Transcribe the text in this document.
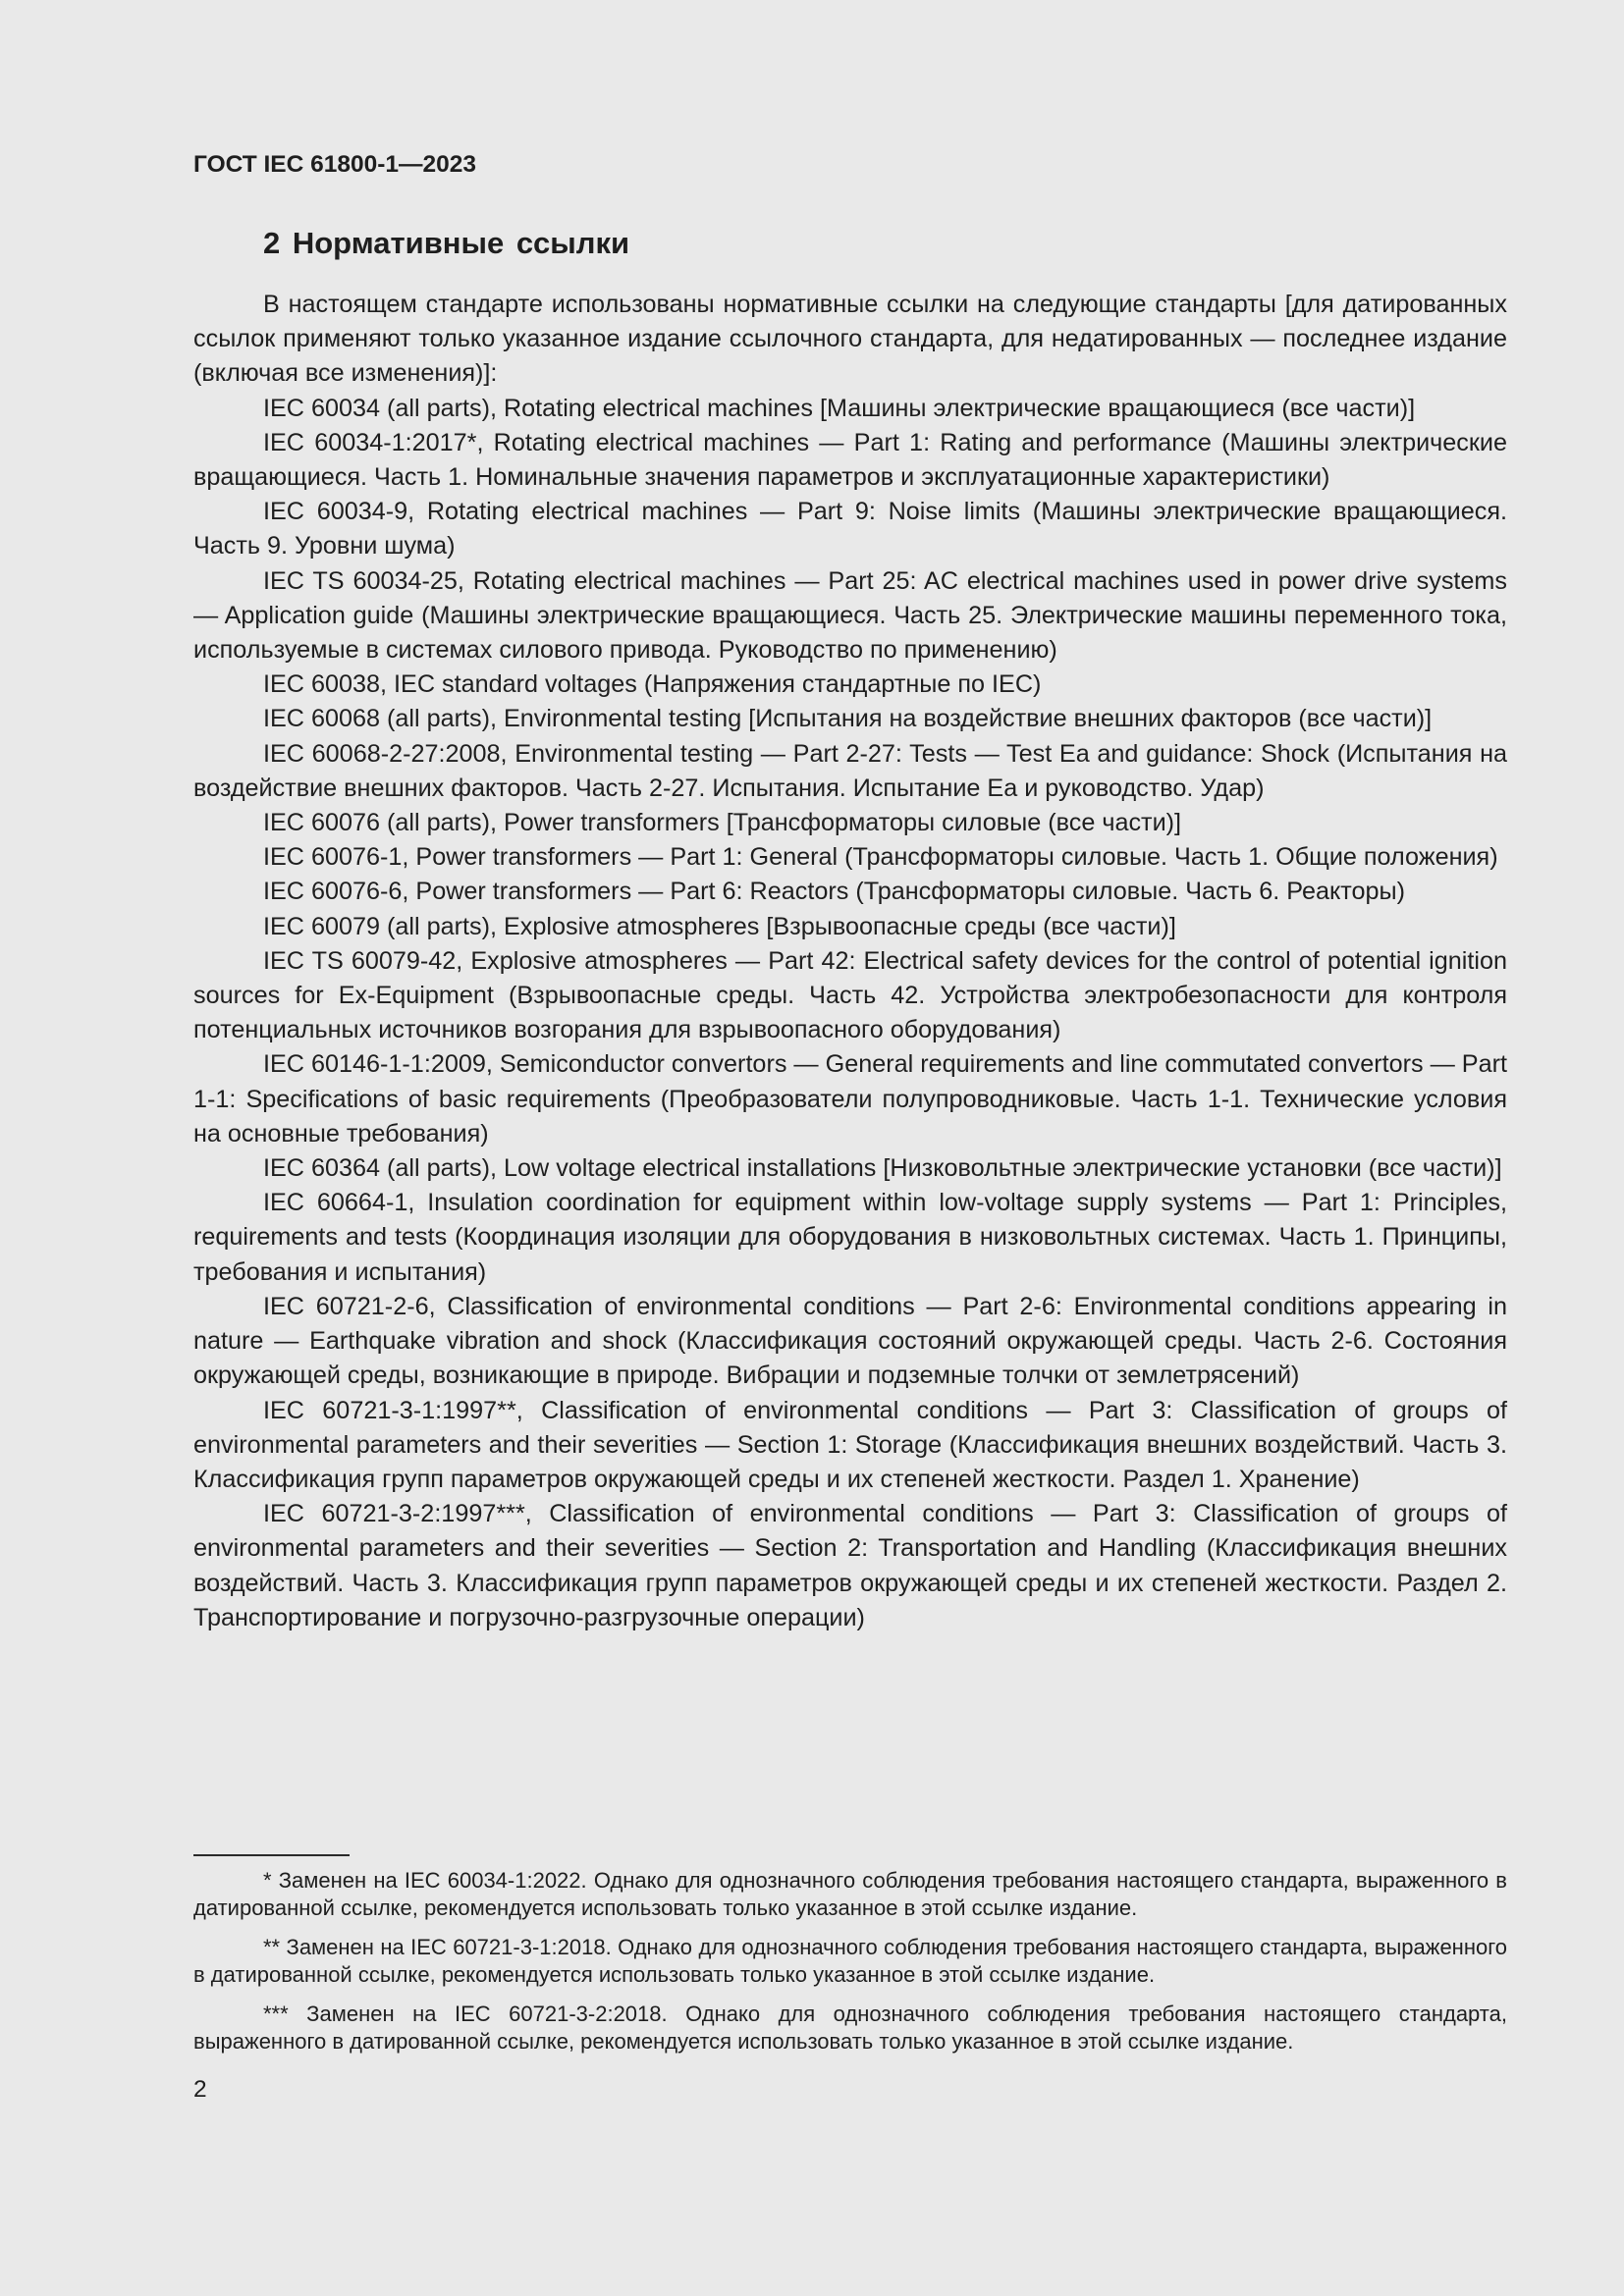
ГОСТ IEC 61800-1—2023
2 Нормативные ссылки

В настоящем стандарте использованы нормативные ссылки на следующие стандарты [для датированных ссылок применяют только указанное издание ссылочного стандарта, для недатированных — последнее издание (включая все изменения)]:

IEC 60034 (all parts), Rotating electrical machines [Машины электрические вращающиеся (все части)]

IEC 60034-1:2017*, Rotating electrical machines — Part 1: Rating and performance (Машины электрические вращающиеся. Часть 1. Номинальные значения параметров и эксплуатационные характеристики)

IEC 60034-9, Rotating electrical machines — Part 9: Noise limits (Машины электрические вращающиеся. Часть 9. Уровни шума)

IEC TS 60034-25, Rotating electrical machines — Part 25: AC electrical machines used in power drive systems — Application guide (Машины электрические вращающиеся. Часть 25. Электрические машины переменного тока, используемые в системах силового привода. Руководство по применению)

IEC 60038, IEC standard voltages (Напряжения стандартные по IEC)

IEC 60068 (all parts), Environmental testing [Испытания на воздействие внешних факторов (все части)]

IEC 60068-2-27:2008, Environmental testing — Part 2-27: Tests — Test Ea and guidance: Shock (Испытания на воздействие внешних факторов. Часть 2-27. Испытания. Испытание Ea и руководство. Удар)

IEC 60076 (all parts), Power transformers [Трансформаторы силовые (все части)]

IEC 60076-1, Power transformers — Part 1: General (Трансформаторы силовые. Часть 1. Общие положения)

IEC 60076-6, Power transformers — Part 6: Reactors (Трансформаторы силовые. Часть 6. Реакторы)

IEC 60079 (all parts), Explosive atmospheres [Взрывоопасные среды (все части)]

IEC TS 60079-42, Explosive atmospheres — Part 42: Electrical safety devices for the control of potential ignition sources for Ex-Equipment (Взрывоопасные среды. Часть 42. Устройства электробезопасности для контроля потенциальных источников возгорания для взрывоопасного оборудования)

IEC 60146-1-1:2009, Semiconductor convertors — General requirements and line commutated convertors — Part 1-1: Specifications of basic requirements (Преобразователи полупроводниковые. Часть 1-1. Технические условия на основные требования)

IEC 60364 (all parts), Low voltage electrical installations [Низковольтные электрические установки (все части)]

IEC 60664-1, Insulation coordination for equipment within low-voltage supply systems — Part 1: Principles, requirements and tests (Координация изоляции для оборудования в низковольтных системах. Часть 1. Принципы, требования и испытания)

IEC 60721-2-6, Classification of environmental conditions — Part 2-6: Environmental conditions appearing in nature — Earthquake vibration and shock (Классификация состояний окружающей среды. Часть 2-6. Состояния окружающей среды, возникающие в природе. Вибрации и подземные толчки от землетрясений)

IEC 60721-3-1:1997**, Classification of environmental conditions — Part 3: Classification of groups of environmental parameters and their severities — Section 1: Storage (Классификация внешних воздействий. Часть 3. Классификация групп параметров окружающей среды и их степеней жесткости. Раздел 1. Хранение)

IEC 60721-3-2:1997***, Classification of environmental conditions — Part 3: Classification of groups of environmental parameters and their severities — Section 2: Transportation and Handling (Классификация внешних воздействий. Часть 3. Классификация групп параметров окружающей среды и их степеней жесткости. Раздел 2. Транспортирование и погрузочно-разгрузочные операции)

* Заменен на IEC 60034-1:2022. Однако для однозначного соблюдения требования настоящего стандарта, выраженного в датированной ссылке, рекомендуется использовать только указанное в этой ссылке издание.

** Заменен на IEC 60721-3-1:2018. Однако для однозначного соблюдения требования настоящего стандарта, выраженного в датированной ссылке, рекомендуется использовать только указанное в этой ссылке издание.

*** Заменен на IEC 60721-3-2:2018. Однако для однозначного соблюдения требования настоящего стандарта, выраженного в датированной ссылке, рекомендуется использовать только указанное в этой ссылке издание.

2
